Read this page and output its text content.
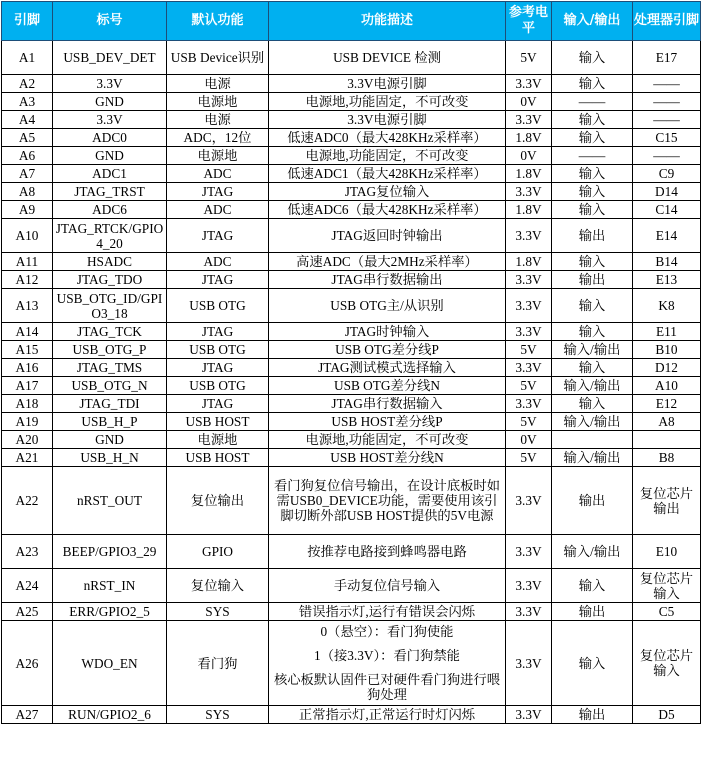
引脚	标号	默认功能	功能描述	参考电平	输入/输出	处理器引脚
A1	USB_DEV_DET	USB Device识别	USB DEVICE 检测	5V	输入	E17
A2	3.3V	电源	3.3V电源引脚	3.3V	输入	——
A3	GND	电源地	电源地,功能固定，不可改变	0V	——	——
A4	3.3V	电源	3.3V电源引脚	3.3V	输入	——
A5	ADC0	ADC，12位	低速ADC0（最大428KHz采样率）	1.8V	输入	C15
A6	GND	电源地	电源地,功能固定，不可改变	0V	——	——
A7	ADC1	ADC	低速ADC1（最大428KHz采样率）	1.8V	输入	C9
A8	JTAG_TRST	JTAG	JTAG复位输入	3.3V	输入	D14
A9	ADC6	ADC	低速ADC6（最大428KHz采样率）	1.8V	输入	C14
A10	JTAG_RTCK/GPIO4_20	JTAG	JTAG返回时钟输出	3.3V	输出	E14
A11	HSADC	ADC	高速ADC（最大2MHz采样率）	1.8V	输入	B14
A12	JTAG_TDO	JTAG	JTAG串行数据输出	3.3V	输出	E13
A13	USB_OTG_ID/GPIO3_18	USB OTG	USB OTG主/从识别	3.3V	输入	K8
A14	JTAG_TCK	JTAG	JTAG时钟输入	3.3V	输入	E11
A15	USB_OTG_P	USB OTG	USB OTG差分线P	5V	输入/输出	B10
A16	JTAG_TMS	JTAG	JTAG测试模式选择输入	3.3V	输入	D12
A17	USB_OTG_N	USB OTG	USB OTG差分线N	5V	输入/输出	A10
A18	JTAG_TDI	JTAG	JTAG串行数据输入	3.3V	输入	E12
A19	USB_H_P	USB HOST	USB HOST差分线P	5V	输入/输出	A8
A20	GND	电源地	电源地,功能固定，不可改变	0V		
A21	USB_H_N	USB HOST	USB HOST差分线N	5V	输入/输出	B8
A22	nRST_OUT	复位输出	看门狗复位信号输出，在设计底板时如需USB0_DEVICE功能，需要使用该引脚切断外部USB HOST提供的5V电源	3.3V	输出	复位芯片输出
A23	BEEP/GPIO3_29	GPIO	按推荐电路接到蜂鸣器电路	3.3V	输入/输出	E10
A24	nRST_IN	复位输入	手动复位信号输入	3.3V	输入	复位芯片输入
A25	ERR/GPIO2_5	SYS	错误指示灯,运行有错误会闪烁	3.3V	输出	C5
A26	WDO_EN	看门狗	0（悬空）：看门狗使能
1（接3.3V）：看门狗禁能
核心板默认固件已对硬件看门狗进行喂狗处理	3.3V	输入	复位芯片输入
A27	RUN/GPIO2_6	SYS	正常指示灯,正常运行时灯闪烁	3.3V	输出	D5
